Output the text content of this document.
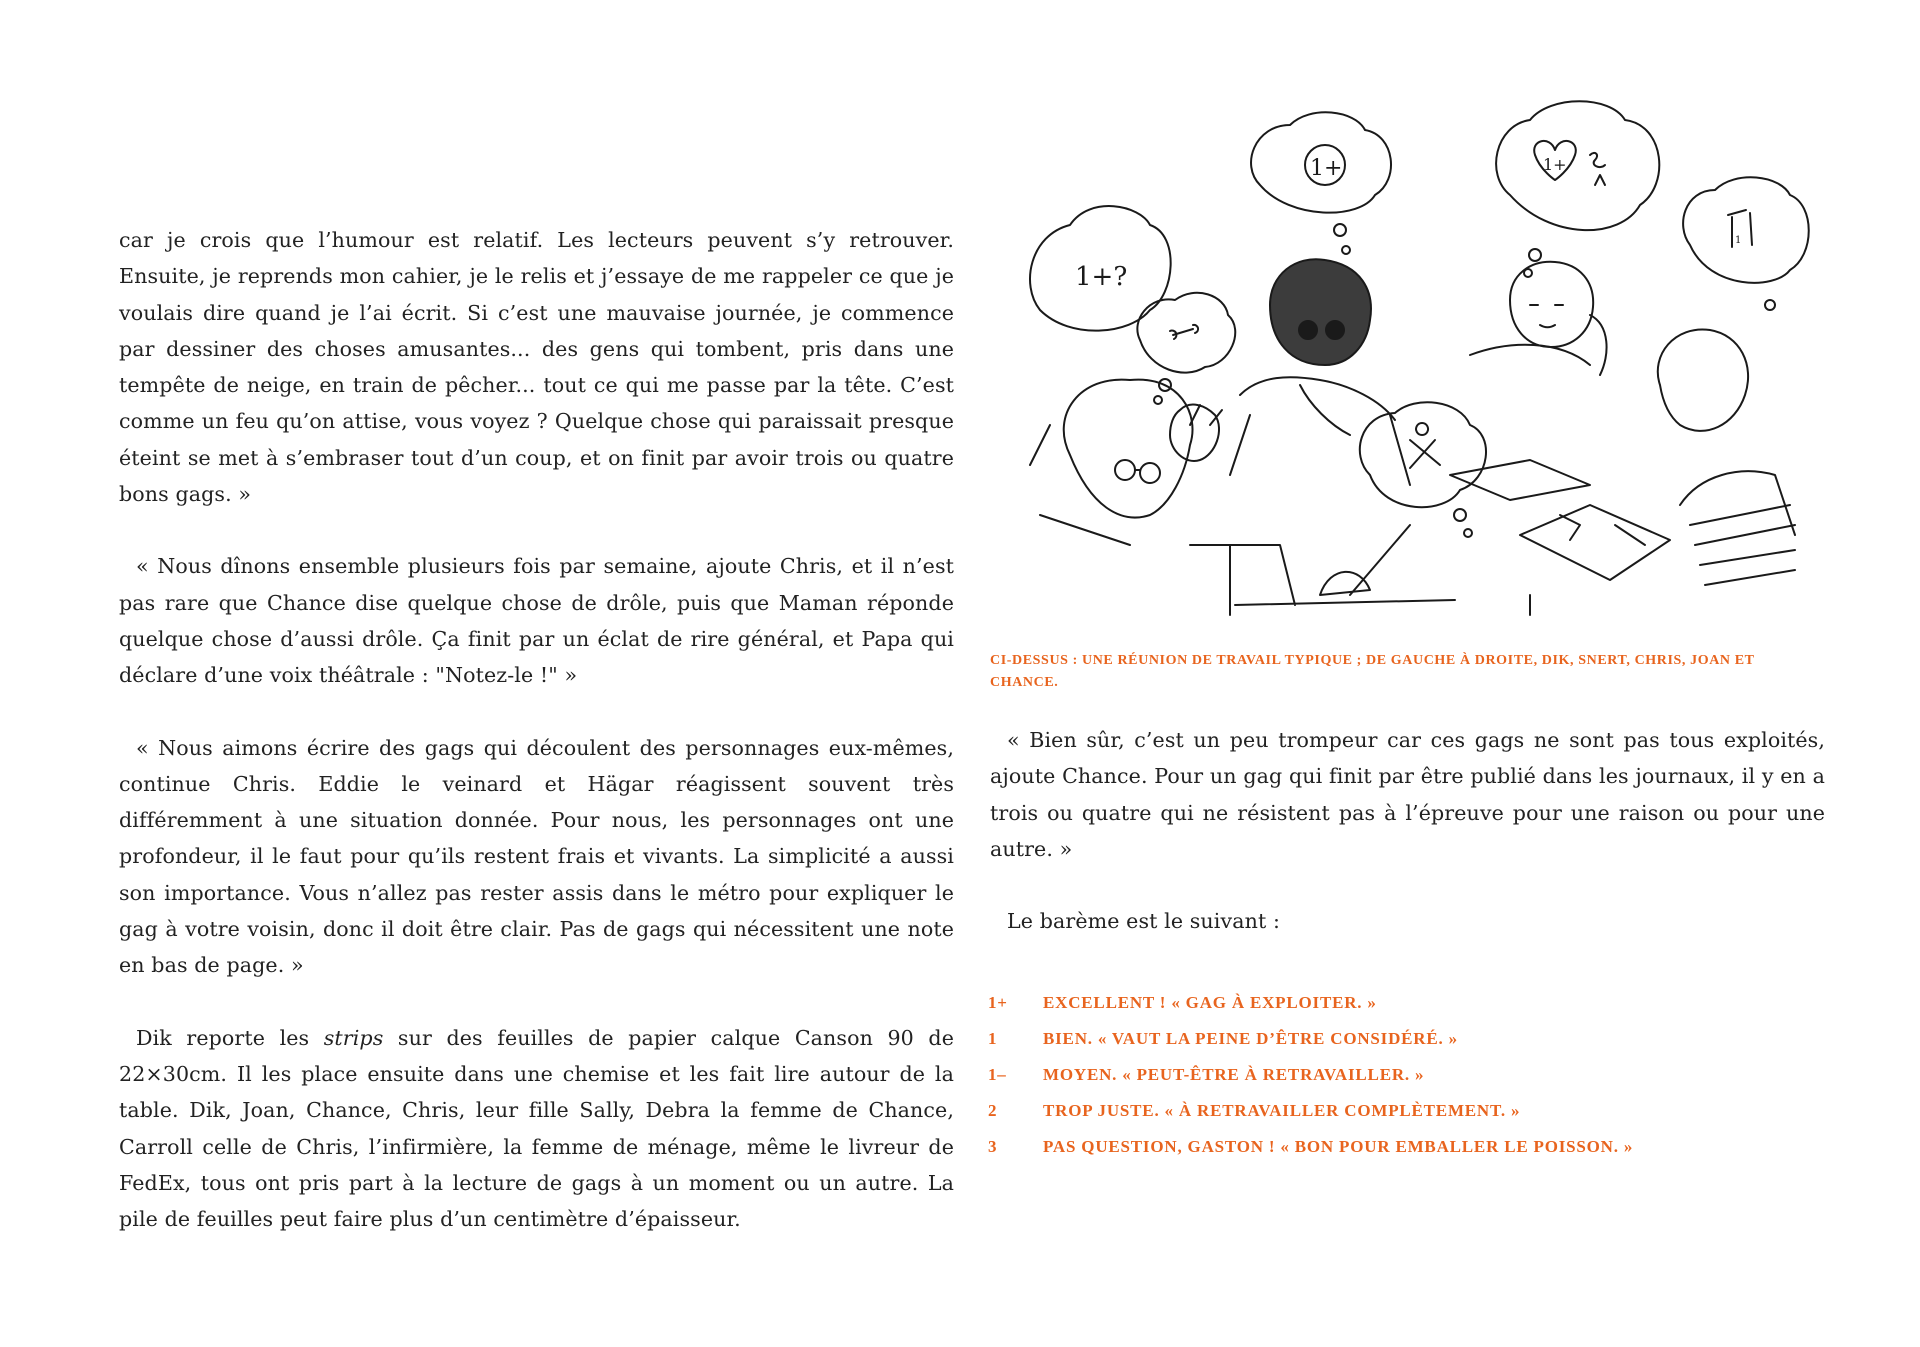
car je crois que l’humour est relatif. Les lecteurs peuvent s’y retrouver. Ensuite, je reprends mon cahier, je le relis et j’essaye de me rappeler ce que je voulais dire quand je l’ai écrit. Si c’est une mauvaise journée, je commence par dessiner des choses amusantes... des gens qui tombent, pris dans une tempête de neige, en train de pêcher... tout ce qui me passe par la tête. C’est comme un feu qu’on attise, vous voyez ? Quelque chose qui paraissait presque éteint se met à s’embraser tout d’un coup, et on finit par avoir trois ou quatre bons gags. »

« Nous dînons ensemble plusieurs fois par semaine, ajoute Chris, et il n’est pas rare que Chance dise quelque chose de drôle, puis que Maman réponde quelque chose d’aussi drôle. Ça finit par un éclat de rire général, et Papa qui déclare d’une voix théâtrale : "Notez-le !" »

« Nous aimons écrire des gags qui découlent des personnages eux-mêmes, continue Chris. Eddie le veinard et Hägar réagissent souvent très différemment à une situation donnée. Pour nous, les personnages ont une profondeur, il le faut pour qu’ils restent frais et vivants. La simplicité a aussi son importance. Vous n’allez pas rester assis dans le métro pour expliquer le gag à votre voisin, donc il doit être clair. Pas de gags qui nécessitent une note en bas de page. »

Dik reporte les strips sur des feuilles de papier calque Canson 90 de 22×30cm. Il les place ensuite dans une chemise et les fait lire autour de la table. Dik, Joan, Chance, Chris, leur fille Sally, Debra la femme de Chance, Carroll celle de Chris, l’infirmière, la femme de ménage, même le livreur de FedEx, tous ont pris part à la lecture de gags à un moment ou un autre. La pile de feuilles peut faire plus d’un centimètre d’épaisseur.

1+?
1+	1+
1
CI-DESSUS : UNE RÉUNION DE TRAVAIL TYPIQUE ; DE GAUCHE À DROITE, DIK, SNERT, CHRIS, JOAN ET CHANCE.

« Bien sûr, c’est un peu trompeur car ces gags ne sont pas tous exploités, ajoute Chance. Pour un gag qui finit par être publié dans les journaux, il y en a trois ou quatre qui ne résistent pas à l’épreuve pour une raison ou pour une autre. »

Le barème est le suivant :

1+	EXCELLENT ! « GAG À EXPLOITER. »
1	BIEN. « VAUT LA PEINE D’ÊTRE CONSIDÉRÉ. »
1–	MOYEN. « PEUT-ÊTRE À RETRAVAILLER. »
2	TROP JUSTE. « À RETRAVAILLER COMPLÈTEMENT. »
3	PAS QUESTION, GASTON ! « BON POUR EMBALLER LE POISSON. »
